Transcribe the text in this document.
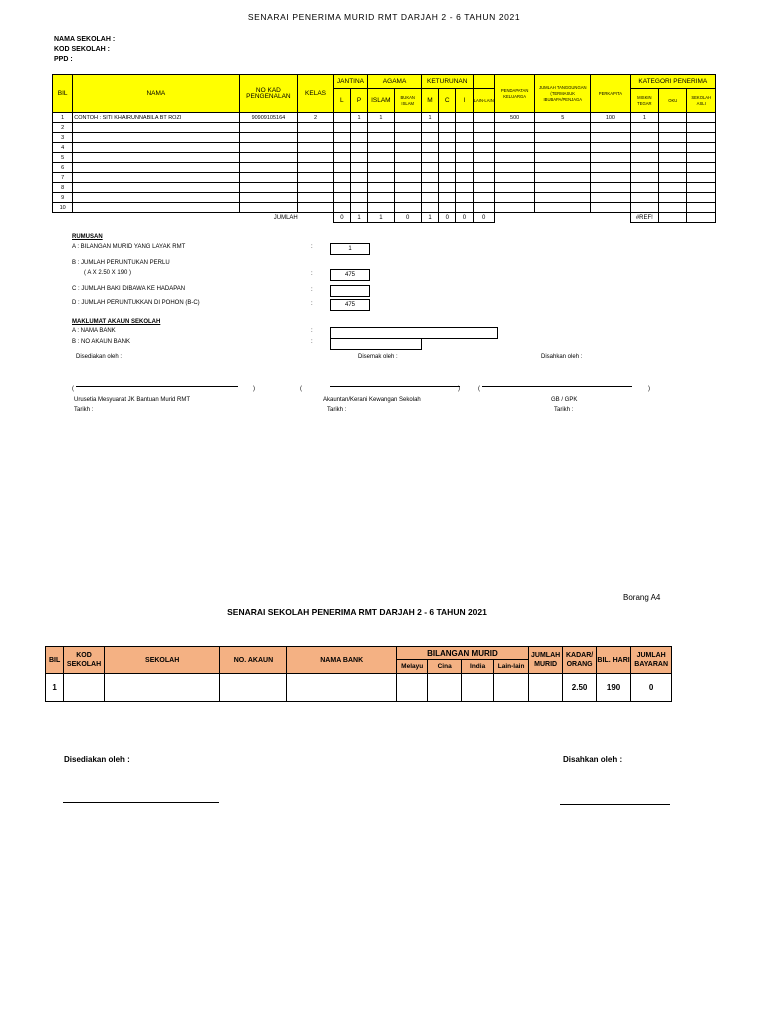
SENARAI PENERIMA MURID RMT DARJAH 2 - 6 TAHUN 2021
NAMA SEKOLAH :
KOD SEKOLAH :
PPD :
BIL	NAMA	NO KAD PENGENALAN	KELAS	JANTINA		AGAMA		KETURUNAN				PENDAPATAN KELUARGA	JUMLAH TANGGUNGAN (TERMASUK IBUBAPA/PENJAGA	PERKAPITA	KATEGORI PENERIMA		
				L	P	ISLAM	BUKAN ISLAM	M	C	I	LAIN-LAIN				MISKIN TEGAR	OKU	SEKOLAH ASLI
1	CONTOH : SITI KHAIRUNNABILA BT ROZI	90909105164	2		1	1		1				500	5	100	1		
2																	
3																	
4																	
5																	
6																	
7																	
8																	
9																	
10																	
		JUMLAH		0	1	1	0	1	0	0	0				#REF!		
RUMUSAN
A : BILANGAN MURID YANG LAYAK RMT	:	1
B : JUMLAH PERUNTUKAN PERLU
( A X 2.50 X 190 )	:	475
C : JUMLAH BAKI DIBAWA KE HADAPAN	:
D : JUMLAH PERUNTUKKAN DI POHON (B-C)	:	475
MAKLUMAT AKAUN SEKOLAH
A : NAMA BANK	:
B : NO AKAUN BANK	:
Disediakan oleh :	Disemak oleh :	Disahkan oleh :
(	)	(	)	(	)
Urusetia Mesyuarat JK Bantuan Murid RMT	Akauntan/Kerani Kewangan Sekolah	GB / GPK
Tarikh :	Tarikh :	Tarikh :
Borang A4
SENARAI SEKOLAH PENERIMA RMT DARJAH 2 - 6 TAHUN 2021
BIL	KOD SEKOLAH	SEKOLAH	NO. AKAUN	NAMA BANK	BILANGAN MURID				JUMLAH MURID	KADAR/ ORANG	BIL. HARI	JUMLAH BAYARAN
					Melayu	Cina	India	Lain-lain				
1										2.50	190	0
Disediakan oleh :	Disahkan oleh :
